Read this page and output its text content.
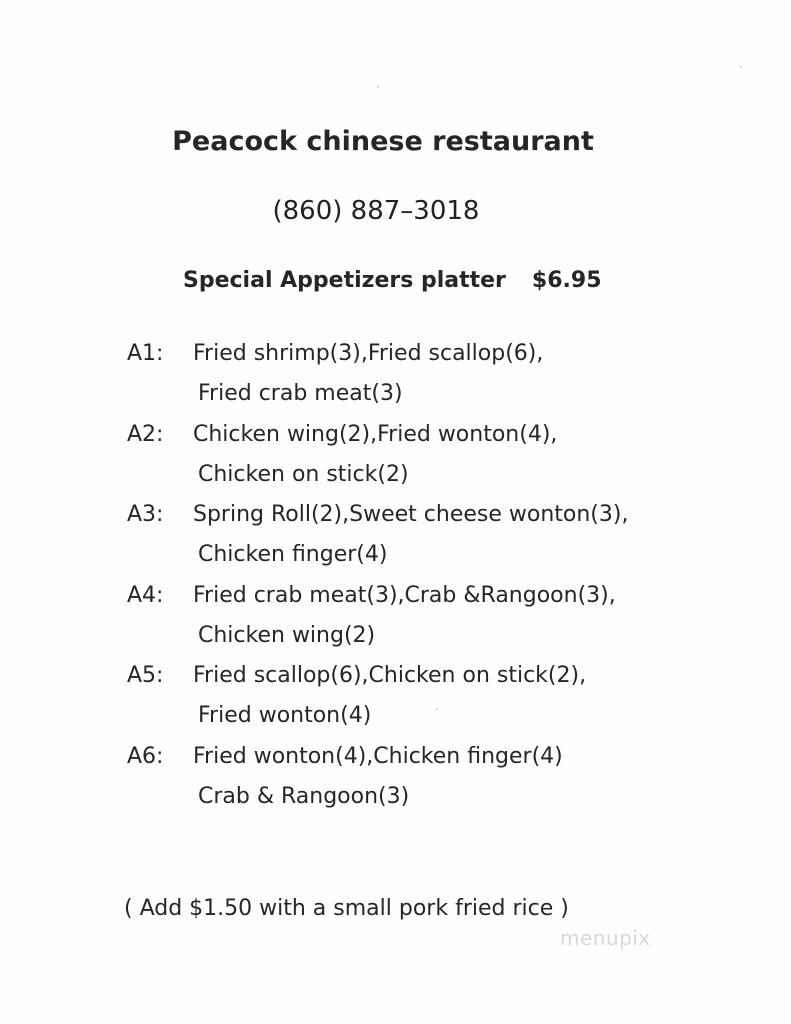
Peacock chinese restaurant
(860) 887–3018
Special Appetizers platter $6.95
A1: Fried shrimp(3),Fried scallop(6),
Fried crab meat(3)
A2: Chicken wing(2),Fried wonton(4),
Chicken on stick(2)
A3: Spring Roll(2),Sweet cheese wonton(3),
Chicken finger(4)
A4: Fried crab meat(3),Crab &Rangoon(3),
Chicken wing(2)
A5: Fried scallop(6),Chicken on stick(2),
Fried wonton(4)
A6: Fried wonton(4),Chicken finger(4)
Crab & Rangoon(3)
( Add $1.50 with a small pork fried rice )
menupix
